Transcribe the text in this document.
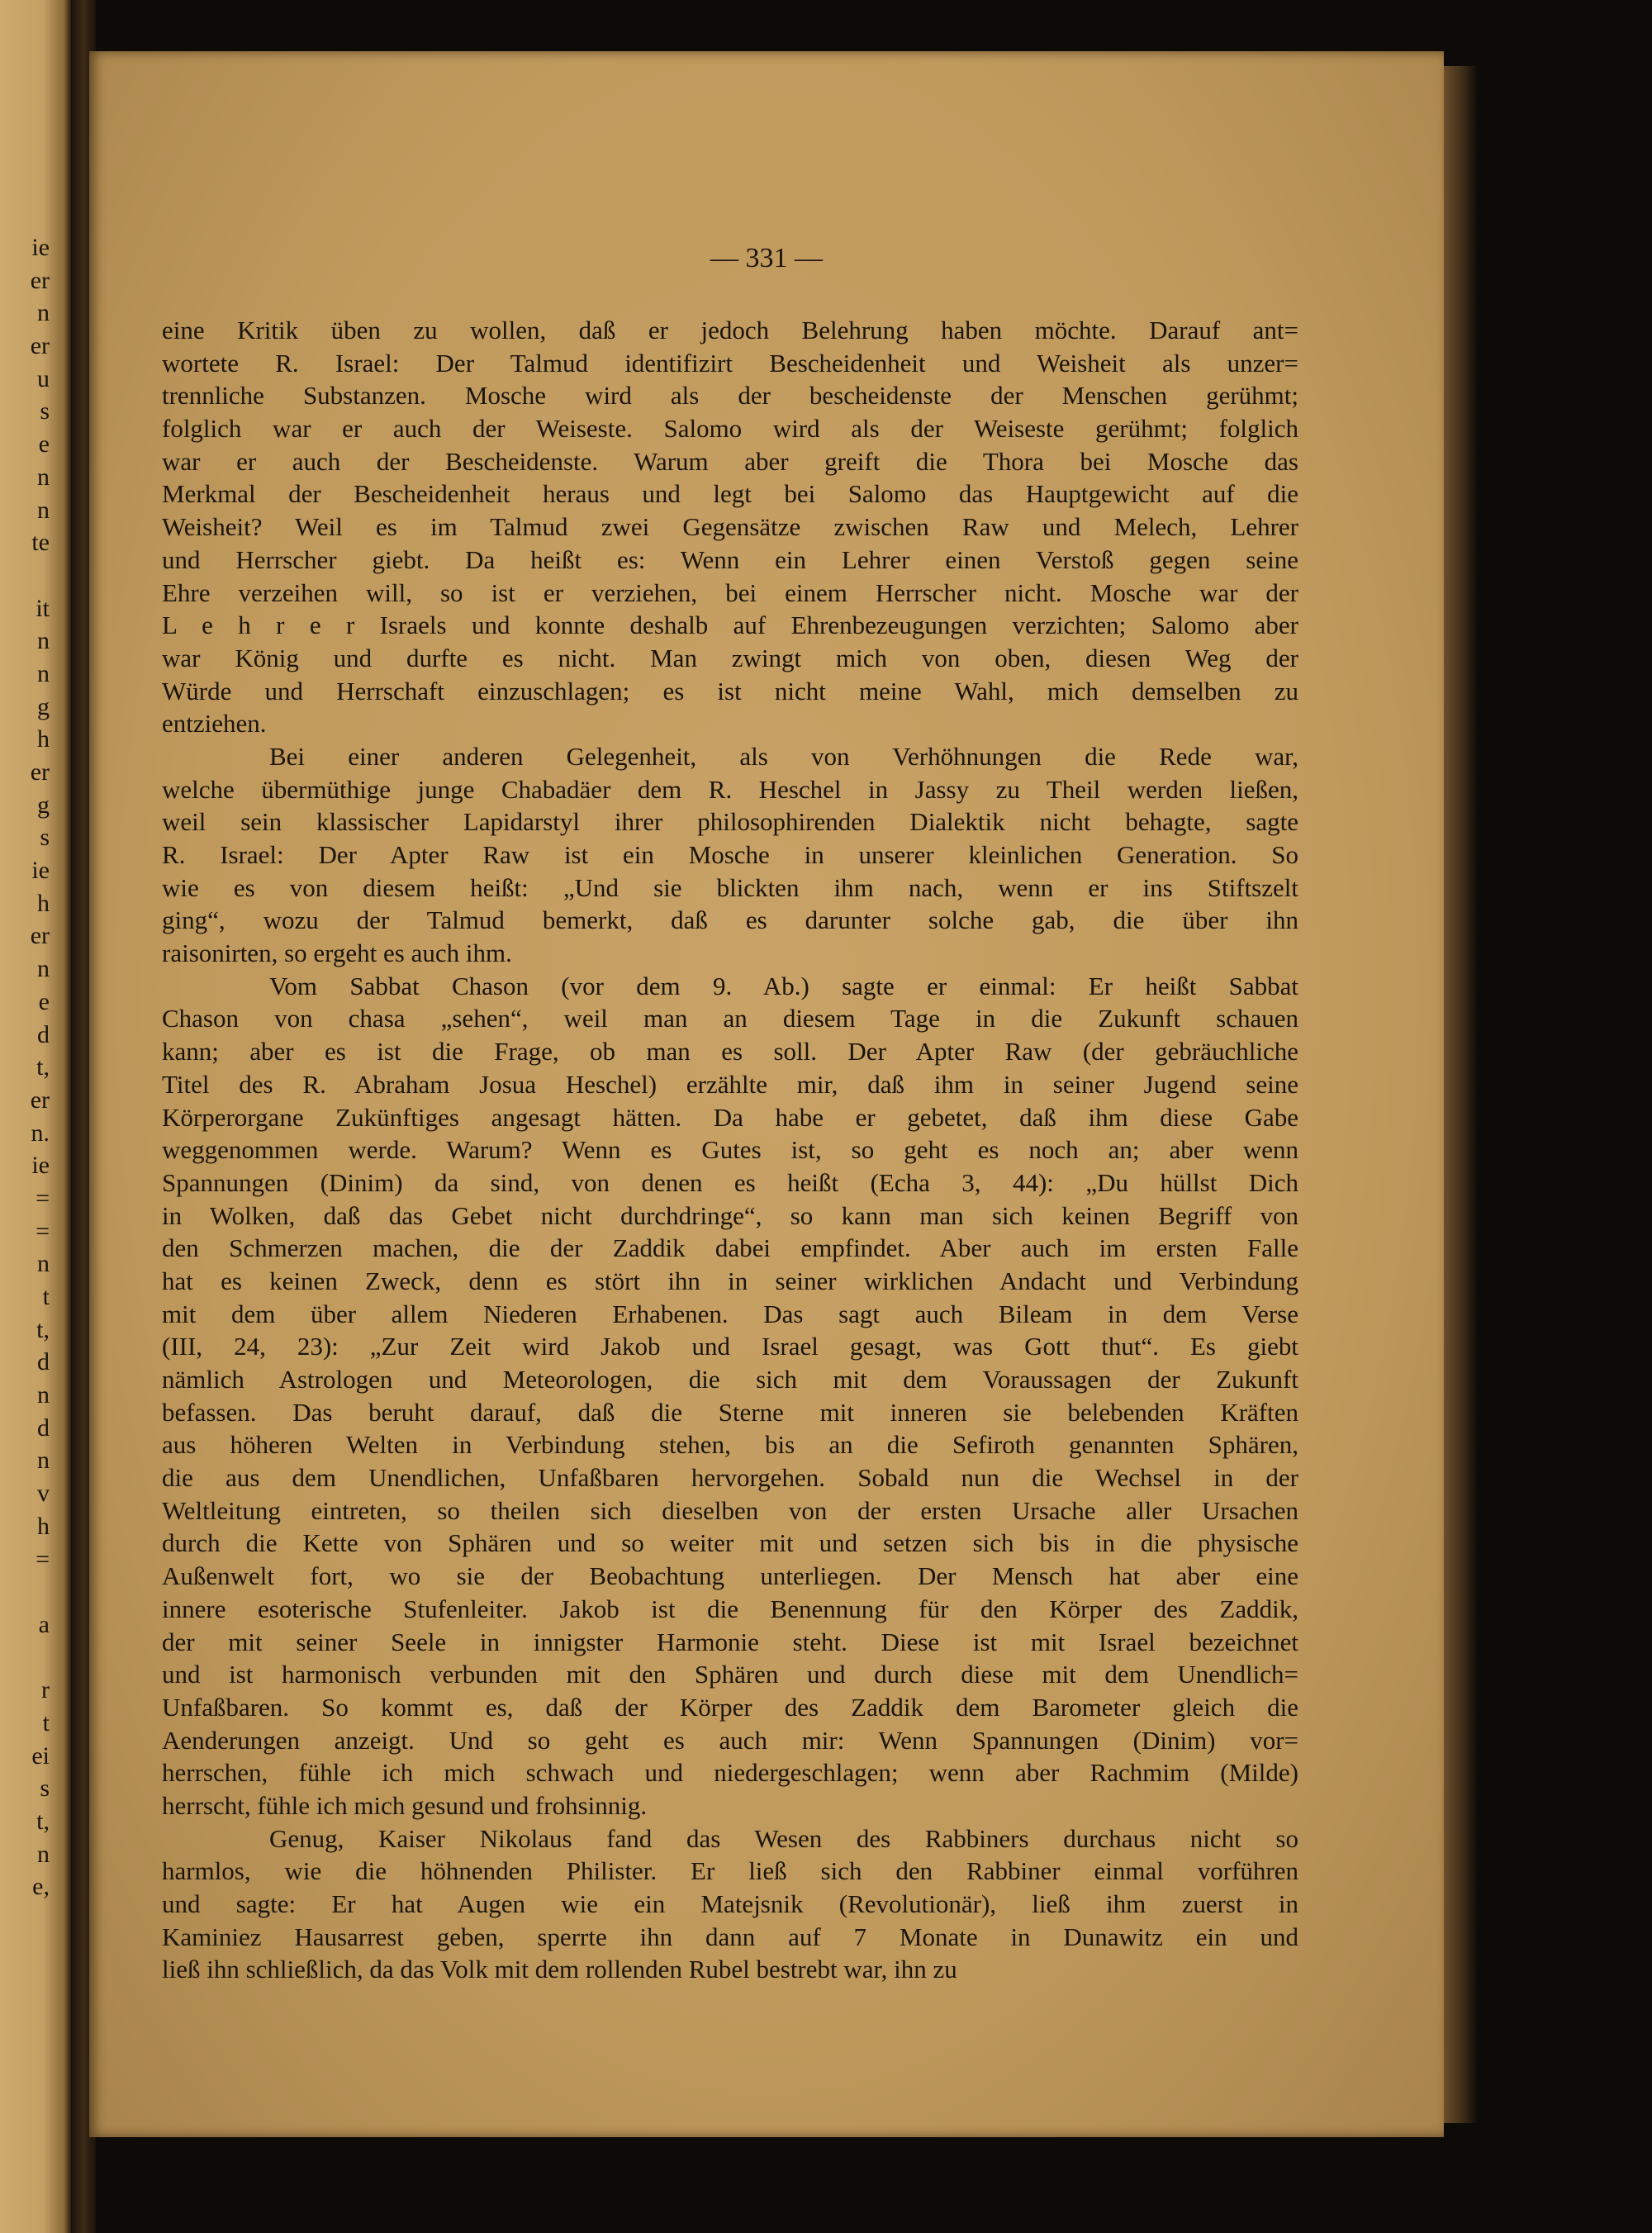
ie
er
n
er
u
s
e
n
n
te
it
n
n
g
h
er
g
s
ie
h
er
n
e
d
t,
er
n.
ie
=
=
n
t
t,
d
n
d
n
v
h
=
a
r
t
ei
s
t,
n
e,
— 331 —
eine Kritik üben zu wollen, daß er jedoch Belehrung haben möchte. Darauf ant=
wortete R. Israel: Der Talmud identifizirt Bescheidenheit und Weisheit als unzer=
trennliche Substanzen. Mosche wird als der bescheidenste der Menschen gerühmt;
folglich war er auch der Weiseste. Salomo wird als der Weiseste gerühmt; folglich
war er auch der Bescheidenste. Warum aber greift die Thora bei Mosche das
Merkmal der Bescheidenheit heraus und legt bei Salomo das Hauptgewicht auf die
Weisheit? Weil es im Talmud zwei Gegensätze zwischen Raw und Melech, Lehrer
und Herrscher giebt. Da heißt es: Wenn ein Lehrer einen Verstoß gegen seine
Ehre verzeihen will, so ist er verziehen, bei einem Herrscher nicht. Mosche war der
L e h r e r Israels und konnte deshalb auf Ehrenbezeugungen verzichten; Salomo aber
war König und durfte es nicht. Man zwingt mich von oben, diesen Weg der
Würde und Herrschaft einzuschlagen; es ist nicht meine Wahl, mich demselben zu
entziehen.
Bei einer anderen Gelegenheit, als von Verhöhnungen die Rede war,
welche übermüthige junge Chabadäer dem R. Heschel in Jassy zu Theil werden ließen,
weil sein klassischer Lapidarstyl ihrer philosophirenden Dialektik nicht behagte, sagte
R. Israel: Der Apter Raw ist ein Mosche in unserer kleinlichen Generation. So
wie es von diesem heißt: „Und sie blickten ihm nach, wenn er ins Stiftszelt
ging“, wozu der Talmud bemerkt, daß es darunter solche gab, die über ihn
raisonirten, so ergeht es auch ihm.
Vom Sabbat Chason (vor dem 9. Ab.) sagte er einmal: Er heißt Sabbat
Chason von chasa „sehen“, weil man an diesem Tage in die Zukunft schauen
kann; aber es ist die Frage, ob man es soll. Der Apter Raw (der gebräuchliche
Titel des R. Abraham Josua Heschel) erzählte mir, daß ihm in seiner Jugend seine
Körperorgane Zukünftiges angesagt hätten. Da habe er gebetet, daß ihm diese Gabe
weggenommen werde. Warum? Wenn es Gutes ist, so geht es noch an; aber wenn
Spannungen (Dinim) da sind, von denen es heißt (Echa 3, 44): „Du hüllst Dich
in Wolken, daß das Gebet nicht durchdringe“, so kann man sich keinen Begriff von
den Schmerzen machen, die der Zaddik dabei empfindet. Aber auch im ersten Falle
hat es keinen Zweck, denn es stört ihn in seiner wirklichen Andacht und Verbindung
mit dem über allem Niederen Erhabenen. Das sagt auch Bileam in dem Verse
(III, 24, 23): „Zur Zeit wird Jakob und Israel gesagt, was Gott thut“. Es giebt
nämlich Astrologen und Meteorologen, die sich mit dem Voraussagen der Zukunft
befassen. Das beruht darauf, daß die Sterne mit inneren sie belebenden Kräften
aus höheren Welten in Verbindung stehen, bis an die Sefiroth genannten Sphären,
die aus dem Unendlichen, Unfaßbaren hervorgehen. Sobald nun die Wechsel in der
Weltleitung eintreten, so theilen sich dieselben von der ersten Ursache aller Ursachen
durch die Kette von Sphären und so weiter mit und setzen sich bis in die physische
Außenwelt fort, wo sie der Beobachtung unterliegen. Der Mensch hat aber eine
innere esoterische Stufenleiter. Jakob ist die Benennung für den Körper des Zaddik,
der mit seiner Seele in innigster Harmonie steht. Diese ist mit Israel bezeichnet
und ist harmonisch verbunden mit den Sphären und durch diese mit dem Unendlich=
Unfaßbaren. So kommt es, daß der Körper des Zaddik dem Barometer gleich die
Aenderungen anzeigt. Und so geht es auch mir: Wenn Spannungen (Dinim) vor=
herrschen, fühle ich mich schwach und niedergeschlagen; wenn aber Rachmim (Milde)
herrscht, fühle ich mich gesund und frohsinnig.
Genug, Kaiser Nikolaus fand das Wesen des Rabbiners durchaus nicht so
harmlos, wie die höhnenden Philister. Er ließ sich den Rabbiner einmal vorführen
und sagte: Er hat Augen wie ein Matejsnik (Revolutionär), ließ ihm zuerst in
Kaminiez Hausarrest geben, sperrte ihn dann auf 7 Monate in Dunawitz ein und
ließ ihn schließlich, da das Volk mit dem rollenden Rubel bestrebt war, ihn zu
